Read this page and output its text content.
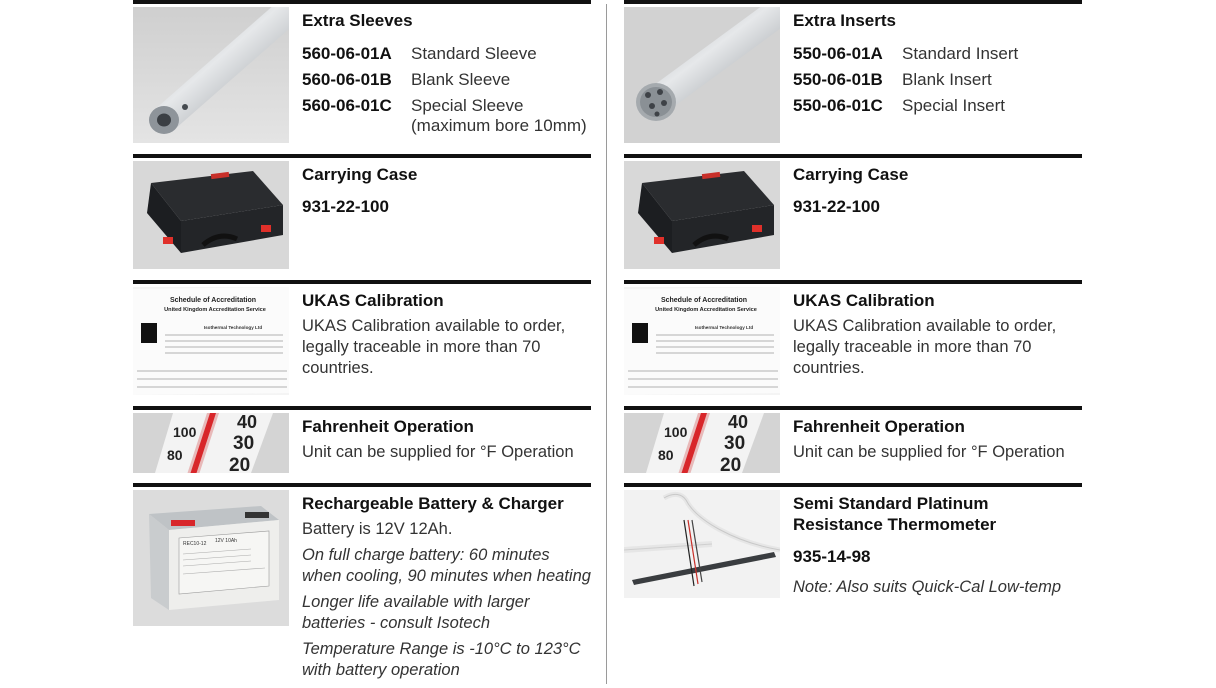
Extra Sleeves
560-06-01A	Standard Sleeve
560-06-01B	Blank Sleeve
560-06-01C	Special Sleeve
(maximum bore 10mm)
Carrying Case
931-22-100
Schedule of Accreditation
United Kingdom Accreditation Service
Isothermal Technology Ltd
UKAS Calibration
UKAS Calibration available to order, legally traceable in more than 70 countries.
100
80
40
30
20
Fahrenheit Operation
Unit can be supplied for °F Operation
REC10-12 12V 10Ah
Rechargeable Battery & Charger
Battery is 12V 12Ah.
On full charge battery: 60 minutes when cooling, 90 minutes when heating
Longer life available with larger batteries - consult Isotech
Temperature Range is -10°C to 123°C with battery operation
Extra Inserts
550-06-01A	Standard Insert
550-06-01B	Blank Insert
550-06-01C	Special Insert
Carrying Case
931-22-100
Schedule of Accreditation
United Kingdom Accreditation Service
Isothermal Technology Ltd
UKAS Calibration
UKAS Calibration available to order, legally traceable in more than 70 countries.
100
80
40
30
20
Fahrenheit Operation
Unit can be supplied for °F Operation
Semi Standard Platinum Resistance Thermometer
935-14-98
Note: Also suits Quick-Cal Low-temp
